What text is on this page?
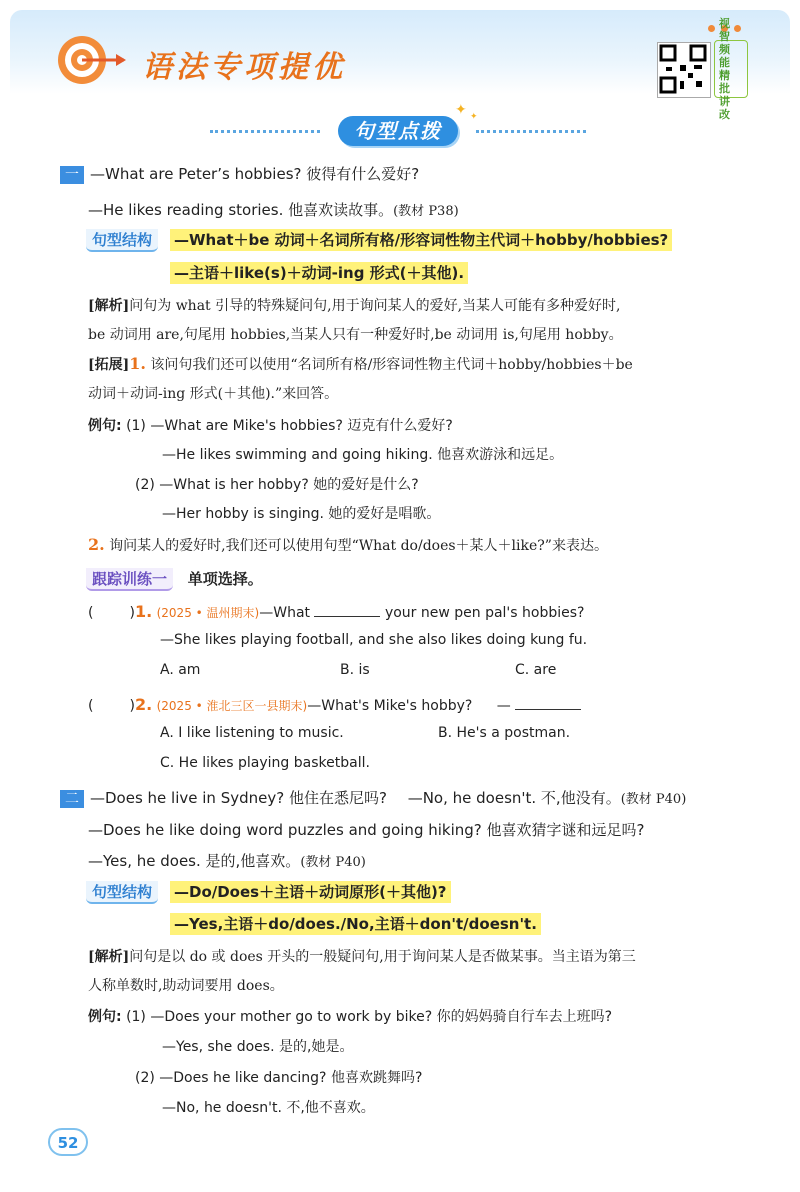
语法专项提优
视
智
频
能
精
批
讲
改
句型点拨
✦ ✦
一 —What are Peter’s hobbies? 彼得有什么爱好?
—He likes reading stories. 他喜欢读故事。(教材 P38)
句型结构	—What＋be 动词＋名词所有格/形容词性物主代词＋hobby/hobbies?
—主语＋like(s)＋动词-ing 形式(＋其他).
[解析]问句为 what 引导的特殊疑问句,用于询问某人的爱好,当某人可能有多种爱好时,
be 动词用 are,句尾用 hobbies,当某人只有一种爱好时,be 动词用 is,句尾用 hobby。
[拓展]1. 该问句我们还可以使用“名词所有格/形容词性物主代词＋hobby/hobbies＋be
动词＋动词-ing 形式(＋其他).”来回答。
例句: (1) —What are Mike's hobbies? 迈克有什么爱好?
—He likes swimming and going hiking. 他喜欢游泳和远足。
(2) —What is her hobby? 她的爱好是什么?
—Her hobby is singing. 她的爱好是唱歌。
2. 询问某人的爱好时,我们还可以使用句型“What do/does＋某人＋like?”来表达。
跟踪训练一 单项选择。
(	)1. (2025 • 温州期末)—What	your new pen pal's hobbies?
—She likes playing football, and she also likes doing kung fu.
A. am	B. is	C. are
(	)2. (2025 • 淮北三区一县期末)—What's Mike's hobby? —
A. I like listening to music.	B. He's a postman.
C. He likes playing basketball.
二 —Does he live in Sydney? 他住在悉尼吗? —No, he doesn't. 不,他没有。(教材 P40)
—Does he like doing word puzzles and going hiking? 他喜欢猜字谜和远足吗?
—Yes, he does. 是的,他喜欢。(教材 P40)
句型结构	—Do/Does＋主语＋动词原形(＋其他)?
—Yes,主语＋do/does./No,主语＋don't/doesn't.
[解析]问句是以 do 或 does 开头的一般疑问句,用于询问某人是否做某事。当主语为第三
人称单数时,助动词要用 does。
例句: (1) —Does your mother go to work by bike? 你的妈妈骑自行车去上班吗?
—Yes, she does. 是的,她是。
(2) —Does he like dancing? 他喜欢跳舞吗?
—No, he doesn't. 不,他不喜欢。
52
